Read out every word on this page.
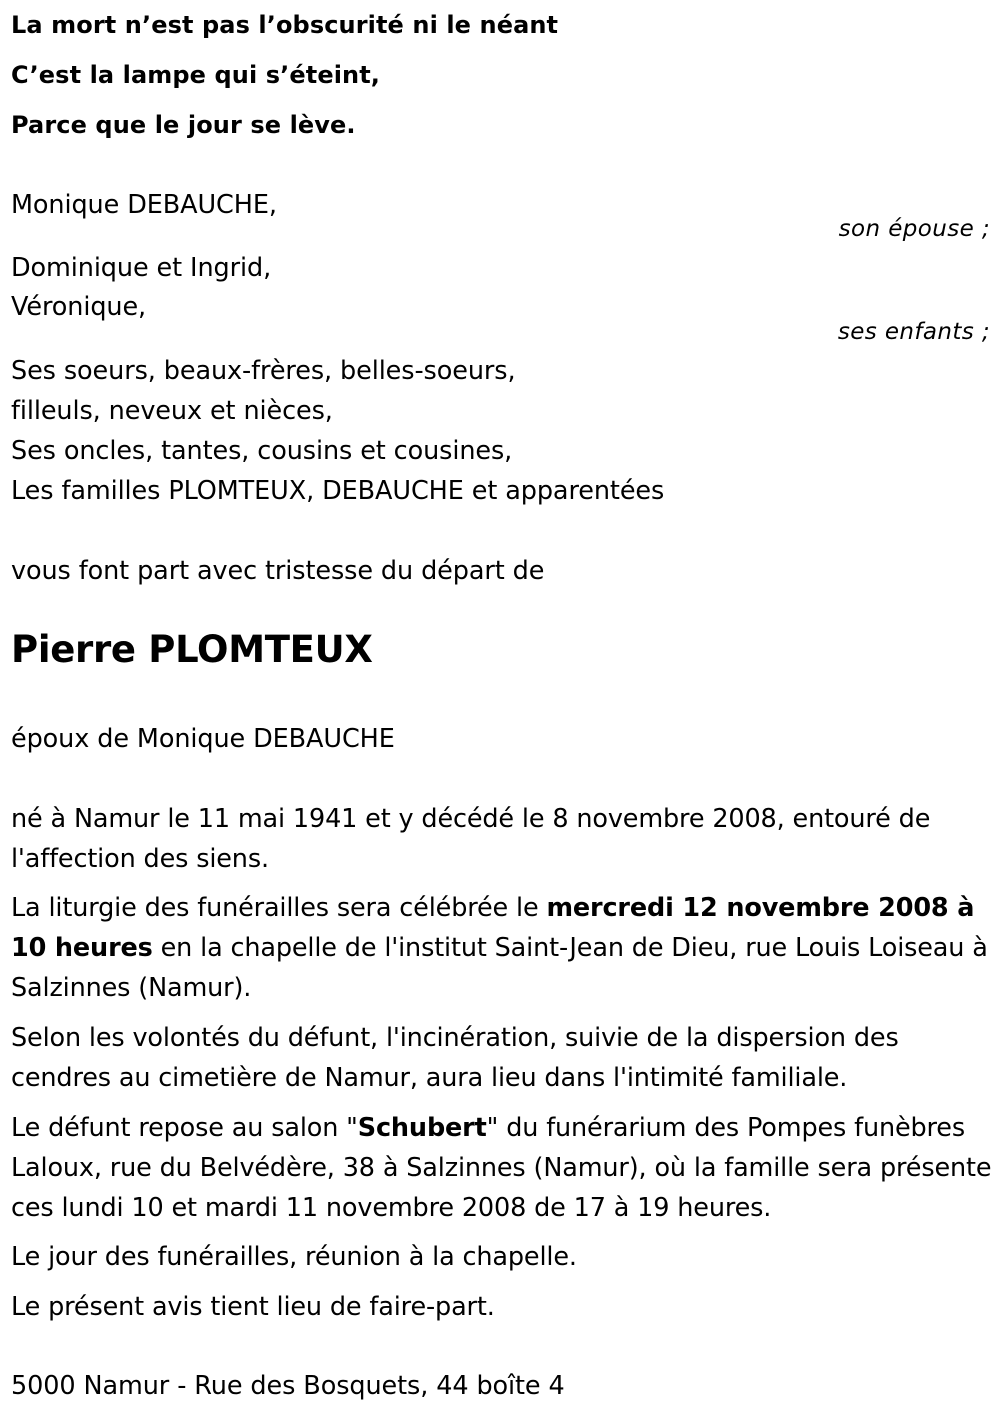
La mort n’est pas l’obscurité ni le néant

C’est la lampe qui s’éteint,

Parce que le jour se lève.

Monique DEBAUCHE,

son épouse ;

Dominique et Ingrid,

Véronique,

ses enfants ;

Ses soeurs, beaux-frères, belles-soeurs,

filleuls, neveux et nièces,

Ses oncles, tantes, cousins et cousines,

Les familles PLOMTEUX, DEBAUCHE et apparentées

vous font part avec tristesse du départ de

Pierre PLOMTEUX

époux de Monique DEBAUCHE

né à Namur le 11 mai 1941 et y décédé le 8 novembre 2008, entouré de l'affection des siens.

La liturgie des funérailles sera célébrée le mercredi 12 novembre 2008 à 10 heures en la chapelle de l'institut Saint-Jean de Dieu, rue Louis Loiseau à Salzinnes (Namur).

Selon les volontés du défunt, l'incinération, suivie de la dispersion des cendres au cimetière de Namur, aura lieu dans l'intimité familiale.

Le défunt repose au salon "Schubert" du funérarium des Pompes funèbres Laloux, rue du Belvédère, 38 à Salzinnes (Namur), où la famille sera présente ces lundi 10 et mardi 11 novembre 2008 de 17 à 19 heures.

Le jour des funérailles, réunion à la chapelle.

Le présent avis tient lieu de faire-part.

5000 Namur - Rue des Bosquets, 44 boîte 4
